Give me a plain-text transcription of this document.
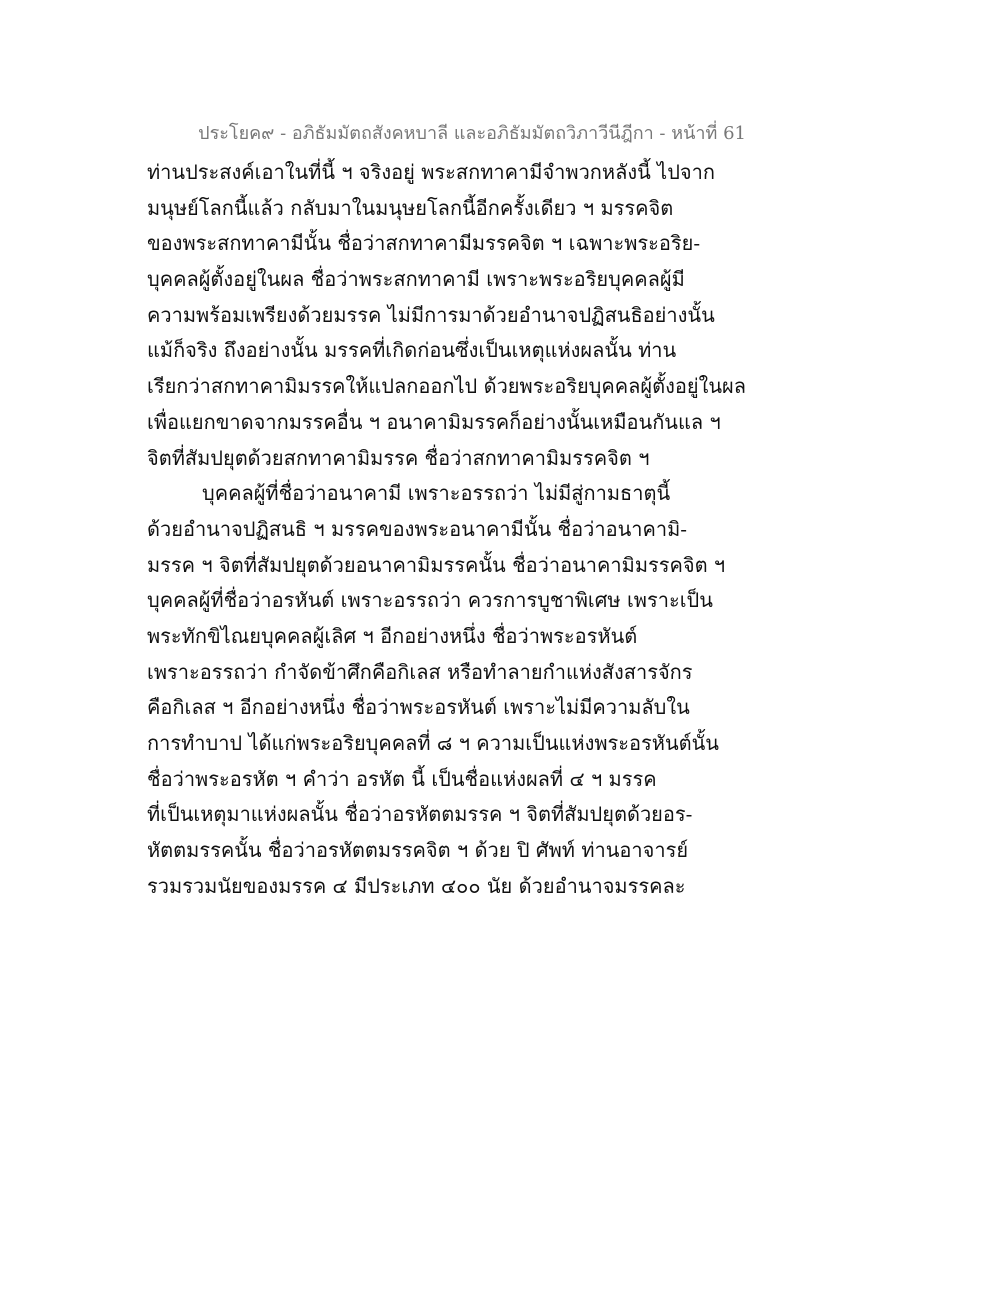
ประโยค๙ - อภิธัมมัตถสังคหบาลี และอภิธัมมัตถวิภาวีนีฎีกา - หน้าที่ 61
ท่านประสงค์เอาในที่นี้ ฯ จริงอยู่ พระสกทาคามีจำพวกหลังนี้ ไปจาก
มนุษย์โลกนี้แล้ว กลับมาในมนุษยโลกนี้อีกครั้งเดียว ฯ มรรคจิต
ของพระสกทาคามีนั้น ชื่อว่าสกทาคามีมรรคจิต ฯ เฉพาะพระอริย-
บุคคลผู้ตั้งอยู่ในผล ชื่อว่าพระสกทาคามี เพราะพระอริยบุคคลผู้มี
ความพร้อมเพรียงด้วยมรรค ไม่มีการมาด้วยอำนาจปฏิสนธิอย่างนั้น
แม้ก็จริง ถึงอย่างนั้น มรรคที่เกิดก่อนซึ่งเป็นเหตุแห่งผลนั้น ท่าน
เรียกว่าสกทาคามิมรรคให้แปลกออกไป ด้วยพระอริยบุคคลผู้ตั้งอยู่ในผล
เพื่อแยกขาดจากมรรคอื่น ฯ อนาคามิมรรคก็อย่างนั้นเหมือนกันแล ฯ
จิตที่สัมปยุตด้วยสกทาคามิมรรค ชื่อว่าสกทาคามิมรรคจิต ฯ
บุคคลผู้ที่ชื่อว่าอนาคามี เพราะอรรถว่า ไม่มีสู่กามธาตุนี้
ด้วยอำนาจปฏิสนธิ ฯ มรรคของพระอนาคามีนั้น ชื่อว่าอนาคามิ-
มรรค ฯ จิตที่สัมปยุตด้วยอนาคามิมรรคนั้น ชื่อว่าอนาคามิมรรคจิต ฯ
บุคคลผู้ที่ชื่อว่าอรหันต์ เพราะอรรถว่า ควรการบูชาพิเศษ เพราะเป็น
พระทักขิไณยบุคคลผู้เลิศ ฯ อีกอย่างหนึ่ง ชื่อว่าพระอรหันต์
เพราะอรรถว่า กำจัดข้าศึกคือกิเลส หรือทำลายกำแห่งสังสารจักร
คือกิเลส ฯ อีกอย่างหนึ่ง ชื่อว่าพระอรหันต์ เพราะไม่มีความลับใน
การทำบาป ได้แก่พระอริยบุคคลที่ ๘ ฯ ความเป็นแห่งพระอรหันต์นั้น
ชื่อว่าพระอรหัต ฯ คำว่า อรหัต นี้ เป็นชื่อแห่งผลที่ ๔ ฯ มรรค
ที่เป็นเหตุมาแห่งผลนั้น ชื่อว่าอรหัตตมรรค ฯ จิตที่สัมปยุตด้วยอร-
หัตตมรรคนั้น ชื่อว่าอรหัตตมรรคจิต ฯ ด้วย ปิ ศัพท์ ท่านอาจารย์
รวมรวมนัยของมรรค ๔ มีประเภท ๔๐๐ นัย ด้วยอำนาจมรรคละ
